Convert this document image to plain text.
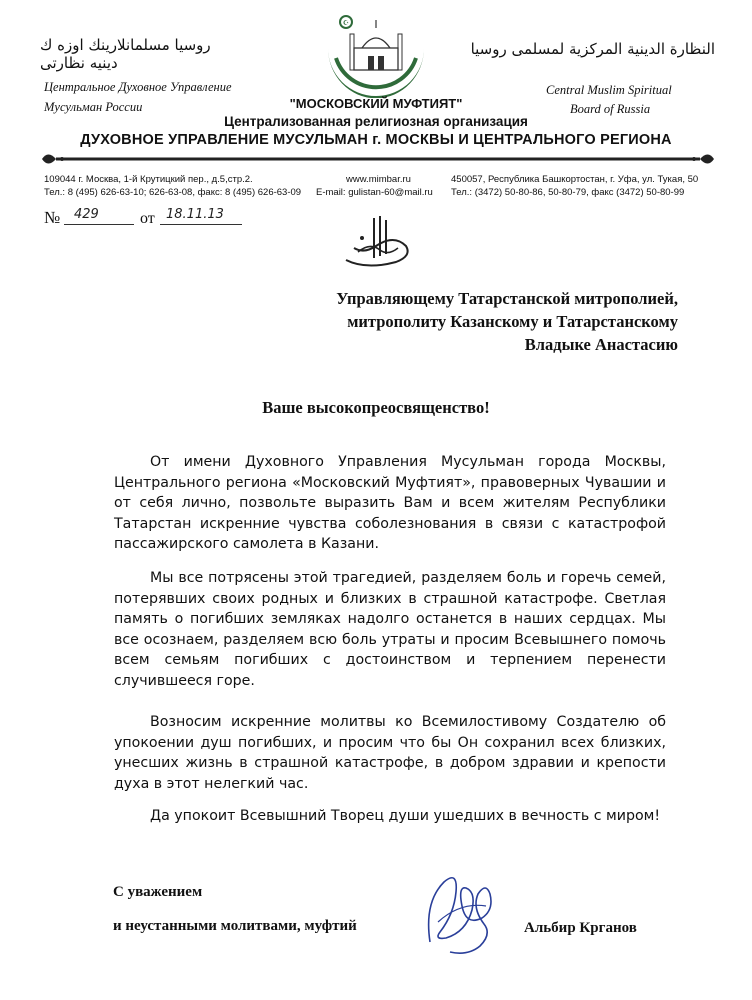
روسيا مسلمانلارينك اوزه ك دينيه نظارتى
النظارة الدينية المركزية لمسلمى روسيا
Центральное Духовное Управление
Мусульман России
Central Muslim Spiritual
Board of Russia
☪
"МОСКОВСКИЙ МУФТИЯТ"
Централизованная религиозная организация
ДУХОВНОЕ УПРАВЛЕНИЕ МУСУЛЬМАН г. МОСКВЫ И ЦЕНТРАЛЬНОГО РЕГИОНА
109044 г. Москва, 1-й Крутицкий пер., д.5,стр.2.
Тел.: 8 (495) 626-63-10; 626-63-08, факс: 8 (495) 626-63-09
www.mimbar.ru
E-mail: gulistan-60@mail.ru
450057, Республика Башкортостан, г. Уфа, ул. Тукая, 50
Тел.: (3472) 50-80-86, 50-80-79, факс (3472) 50-80-99
№ 429	от 18.11.13
Управляющему Татарстанской митрополией,
митрополиту Казанскому и Татарстанскому
Владыке Анастасию
Ваше высокопреосвященство!
От имени Духовного Управления Мусульман города Москвы, Центрального региона «Московский Муфтият», правоверных Чувашии и от себя лично, позвольте выразить Вам и всем жителям Республики Татарстан искренние чувства соболезнования в связи с катастрофой пассажирского самолета в Казани.
Мы все потрясены этой трагедией, разделяем боль и горечь семей, потерявших своих родных и близких в страшной катастрофе. Светлая память о погибших земляках надолго останется в наших сердцах. Мы все осознаем, разделяем всю боль утраты и просим Всевышнего помочь всем семьям погибших с достоинством и терпением перенести случившееся горе.
Возносим искренние молитвы ко Всемилостивому Создателю об упокоении душ погибших, и просим что бы Он сохранил всех близких, унесших жизнь в страшной катастрофе, в добром здравии и крепости духа в этот нелегкий час.
Да упокоит Всевышний Творец души ушедших в вечность с миром!
С уважением
и неустанными молитвами, муфтий	Альбир Крганов
